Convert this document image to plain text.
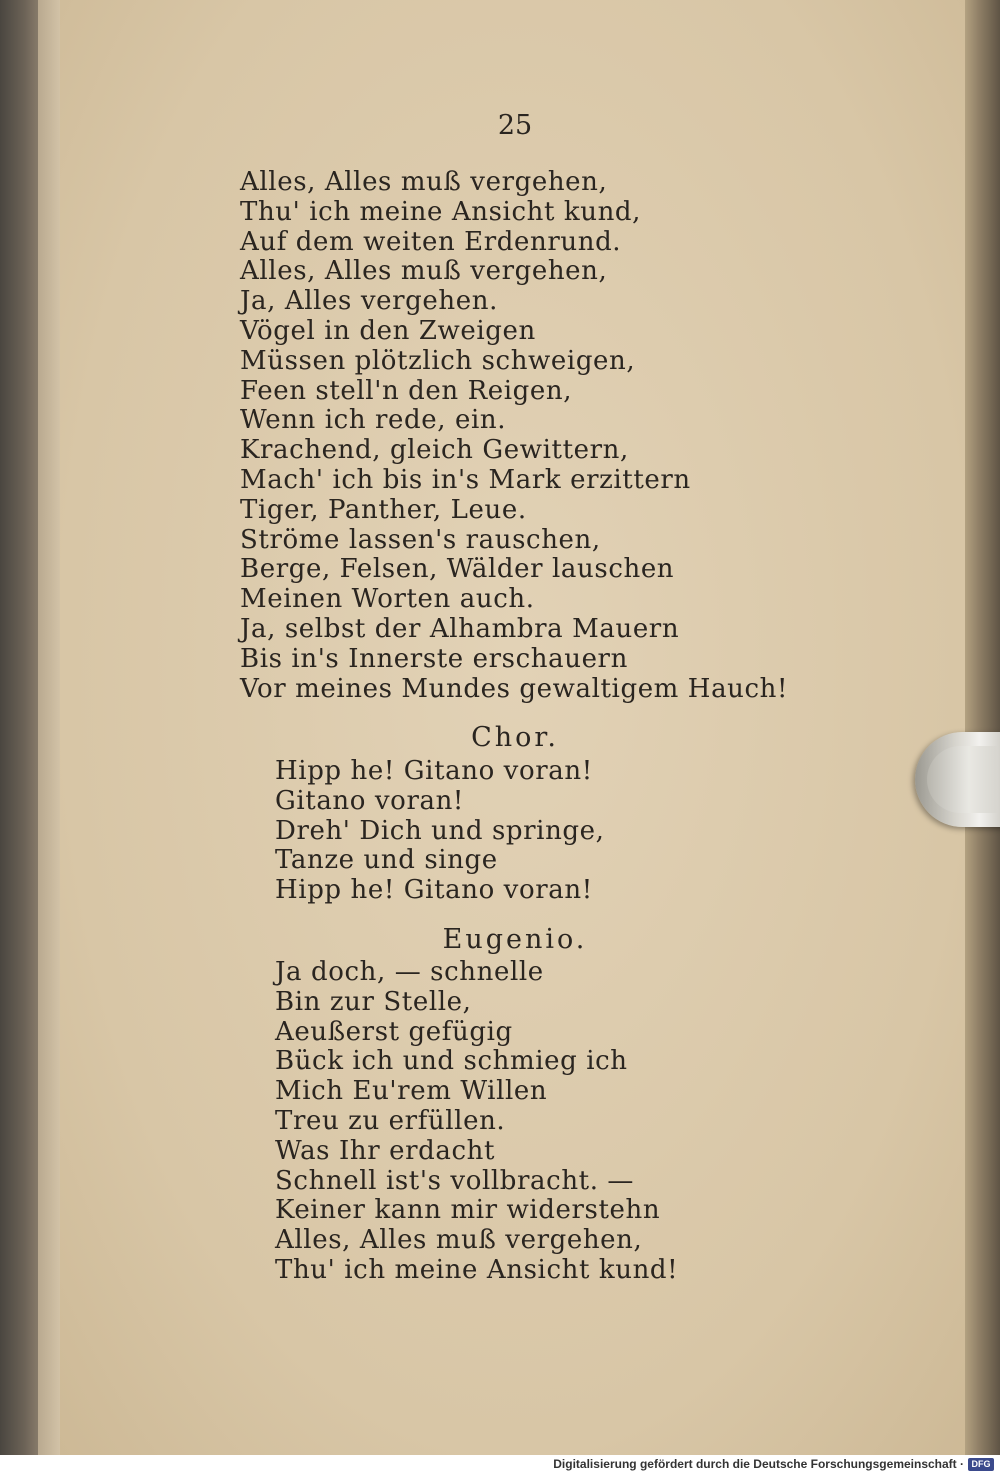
25
Alles, Alles muß vergehen,
Thu' ich meine Ansicht kund,
Auf dem weiten Erdenrund.
Alles, Alles muß vergehen,
Ja, Alles vergehen.
Vögel in den Zweigen
Müssen plötzlich schweigen,
Feen stell'n den Reigen,
Wenn ich rede, ein.
Krachend, gleich Gewittern,
Mach' ich bis in's Mark erzittern
Tiger, Panther, Leue.
Ströme lassen's rauschen,
Berge, Felsen, Wälder lauschen
Meinen Worten auch.
Ja, selbst der Alhambra Mauern
Bis in's Innerste erschauern
Vor meines Mundes gewaltigem Hauch!
Chor.
Hipp he! Gitano voran!
Gitano voran!
Dreh' Dich und springe,
Tanze und singe
Hipp he! Gitano voran!
Eugenio.
Ja doch, — schnelle
Bin zur Stelle,
Aeußerst gefügig
Bück ich und schmieg ich
Mich Eu'rem Willen
Treu zu erfüllen.
Was Ihr erdacht
Schnell ist's vollbracht. —
Keiner kann mir widerstehn
Alles, Alles muß vergehen,
Thu' ich meine Ansicht kund!
Digitalisierung gefördert durch die Deutsche Forschungsgemeinschaft · DFG
